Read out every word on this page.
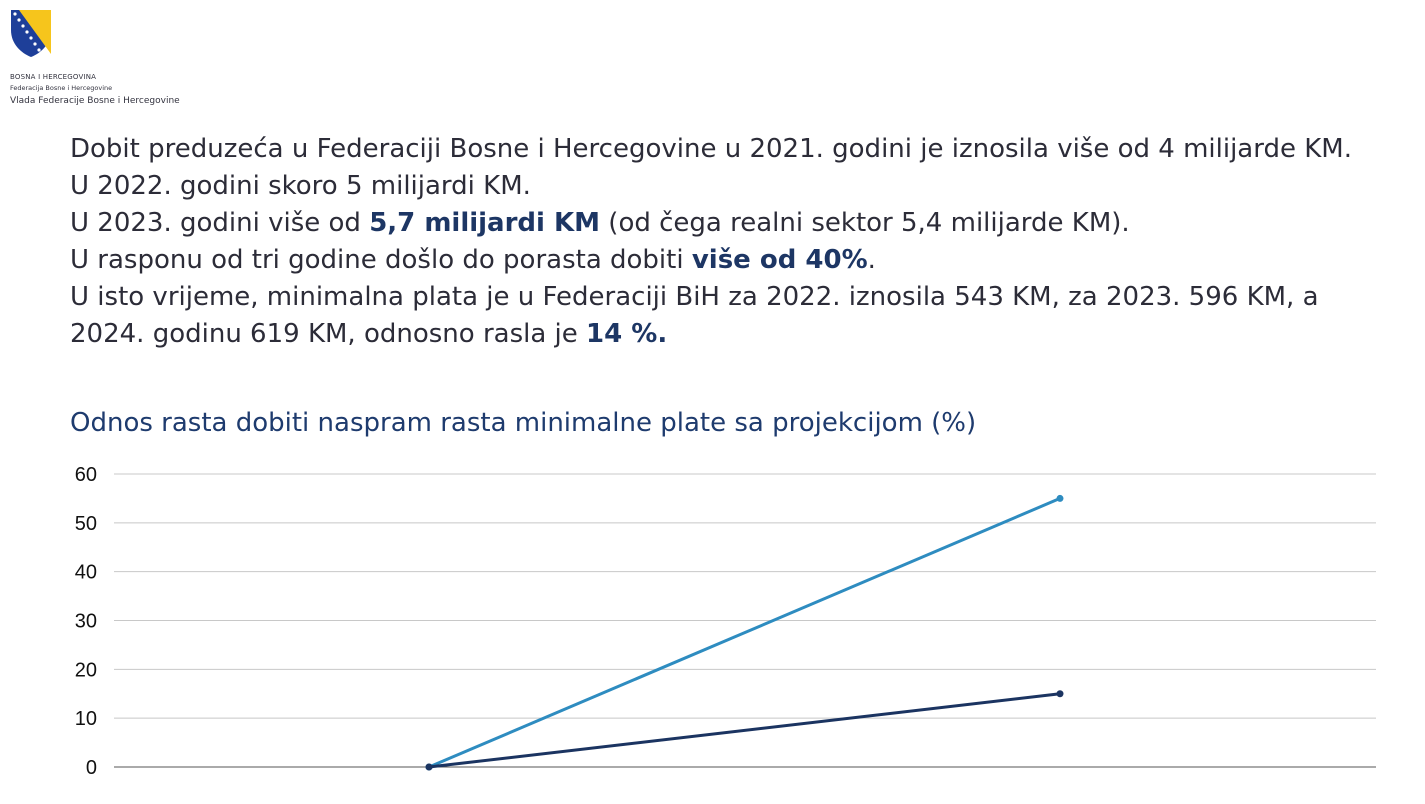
BOSNA I HERCEGOVINA
Federacija Bosne i Hercegovine
Vlada Federacije Bosne i Hercegovine

Dobit preduzeća u Federaciji Bosne i Hercegovine u 2021. godini je iznosila više od 4 milijarde KM.

U 2022. godini skoro 5 milijardi KM.

U 2023. godini više od 5,7 milijardi KM (od čega realni sektor 5,4 milijarde KM).

U rasponu od tri godine došlo do porasta dobiti više od 40%.

U isto vrijeme, minimalna plata je u Federaciji BiH za 2022. iznosila 543 KM, za 2023. 596 KM, a 2024. godinu 619 KM, odnosno rasla je 14 %.

Odnos rasta dobiti naspram rasta minimalne plate sa projekcijom (%)
0
10
20
30
40
50
60
